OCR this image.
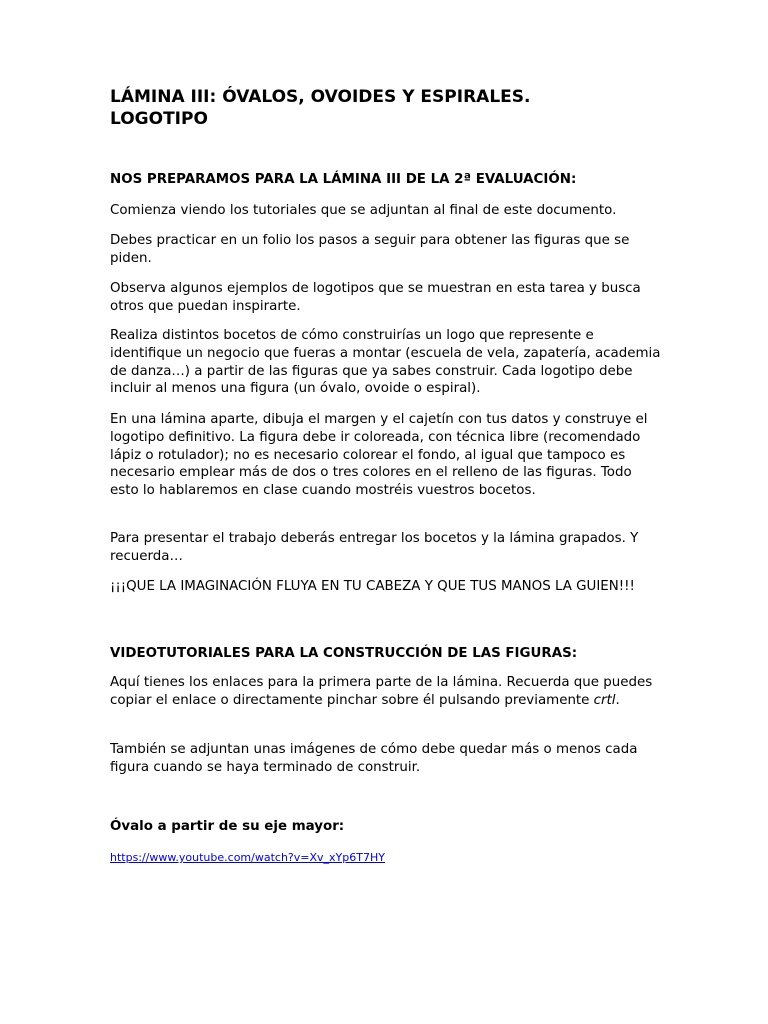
LÁMINA III: ÓVALOS, OVOIDES Y ESPIRALES.
LOGOTIPO
NOS PREPARAMOS PARA LA LÁMINA III DE LA 2ª EVALUACIÓN:

Comienza viendo los tutoriales que se adjuntan al final de este documento.

Debes practicar en un folio los pasos a seguir para obtener las figuras que se piden.

Observa algunos ejemplos de logotipos que se muestran en esta tarea y busca otros que puedan inspirarte.

Realiza distintos bocetos de cómo construirías un logo que represente e identifique un negocio que fueras a montar (escuela de vela, zapatería, academia de danza…) a partir de las figuras que ya sabes construir. Cada logotipo debe incluir al menos una figura (un óvalo, ovoide o espiral).

En una lámina aparte, dibuja el margen y el cajetín con tus datos y construye el logotipo definitivo. La figura debe ir coloreada, con técnica libre (recomendado lápiz o rotulador); no es necesario colorear el fondo, al igual que tampoco es necesario emplear más de dos o tres colores en el relleno de las figuras. Todo esto lo hablaremos en clase cuando mostréis vuestros bocetos.

Para presentar el trabajo deberás entregar los bocetos y la lámina grapados. Y recuerda…

¡¡¡QUE LA IMAGINACIÓN FLUYA EN TU CABEZA Y QUE TUS MANOS LA GUIEN!!!

VIDEOTUTORIALES PARA LA CONSTRUCCIÓN DE LAS FIGURAS:

Aquí tienes los enlaces para la primera parte de la lámina. Recuerda que puedes copiar el enlace o directamente pinchar sobre él pulsando previamente crtl.

También se adjuntan unas imágenes de cómo debe quedar más o menos cada figura cuando se haya terminado de construir.

Óvalo a partir de su eje mayor:
https://www.youtube.com/watch?v=Xv_xYp6T7HY
